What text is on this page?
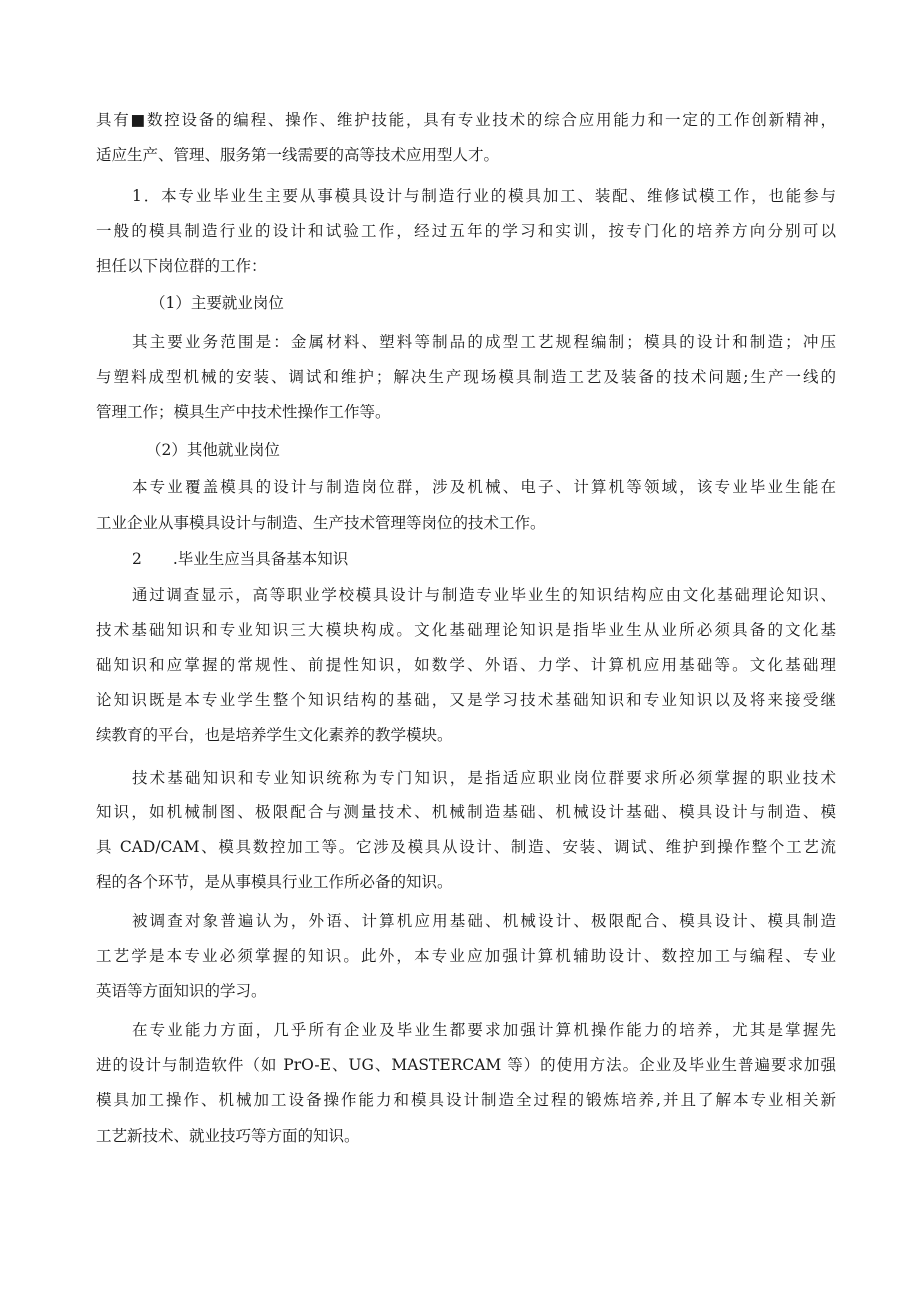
具有■数控设备的编程、操作、维护技能，具有专业技术的综合应用能力和一定的工作创新精神，
适应生产、管理、服务第一线需要的高等技术应用型人才。
1．本专业毕业生主要从事模具设计与制造行业的模具加工、装配、维修试模工作，也能参与
一般的模具制造行业的设计和试验工作，经过五年的学习和实训，按专门化的培养方向分别可以
担任以下岗位群的工作：
（1）主要就业岗位
其主要业务范围是：金属材料、塑料等制品的成型工艺规程编制；模具的设计和制造；冲压
与塑料成型机械的安装、调试和维护；解决生产现场模具制造工艺及装备的技术问题;生产一线的
管理工作；模具生产中技术性操作工作等。
（2）其他就业岗位
本专业覆盖模具的设计与制造岗位群，涉及机械、电子、计算机等领域，该专业毕业生能在
工业企业从事模具设计与制造、生产技术管理等岗位的技术工作。
2　　.毕业生应当具备基本知识
通过调查显示，高等职业学校模具设计与制造专业毕业生的知识结构应由文化基础理论知识、
技术基础知识和专业知识三大模块构成。文化基础理论知识是指毕业生从业所必须具备的文化基
础知识和应掌握的常规性、前提性知识，如数学、外语、力学、计算机应用基础等。文化基础理
论知识既是本专业学生整个知识结构的基础，又是学习技术基础知识和专业知识以及将来接受继
续教育的平台，也是培养学生文化素养的教学模块。
技术基础知识和专业知识统称为专门知识，是指适应职业岗位群要求所必须掌握的职业技术
知识，如机械制图、极限配合与测量技术、机械制造基础、机械设计基础、模具设计与制造、模
具 CAD/CAM、模具数控加工等。它涉及模具从设计、制造、安装、调试、维护到操作整个工艺流
程的各个环节，是从事模具行业工作所必备的知识。
被调查对象普遍认为，外语、计算机应用基础、机械设计、极限配合、模具设计、模具制造
工艺学是本专业必须掌握的知识。此外，本专业应加强计算机辅助设计、数控加工与编程、专业
英语等方面知识的学习。
在专业能力方面，几乎所有企业及毕业生都要求加强计算机操作能力的培养，尤其是掌握先
进的设计与制造软件（如 PrO-E、UG、MASTERCAM 等）的使用方法。企业及毕业生普遍要求加强
模具加工操作、机械加工设备操作能力和模具设计制造全过程的锻炼培养,并且了解本专业相关新
工艺新技术、就业技巧等方面的知识。
